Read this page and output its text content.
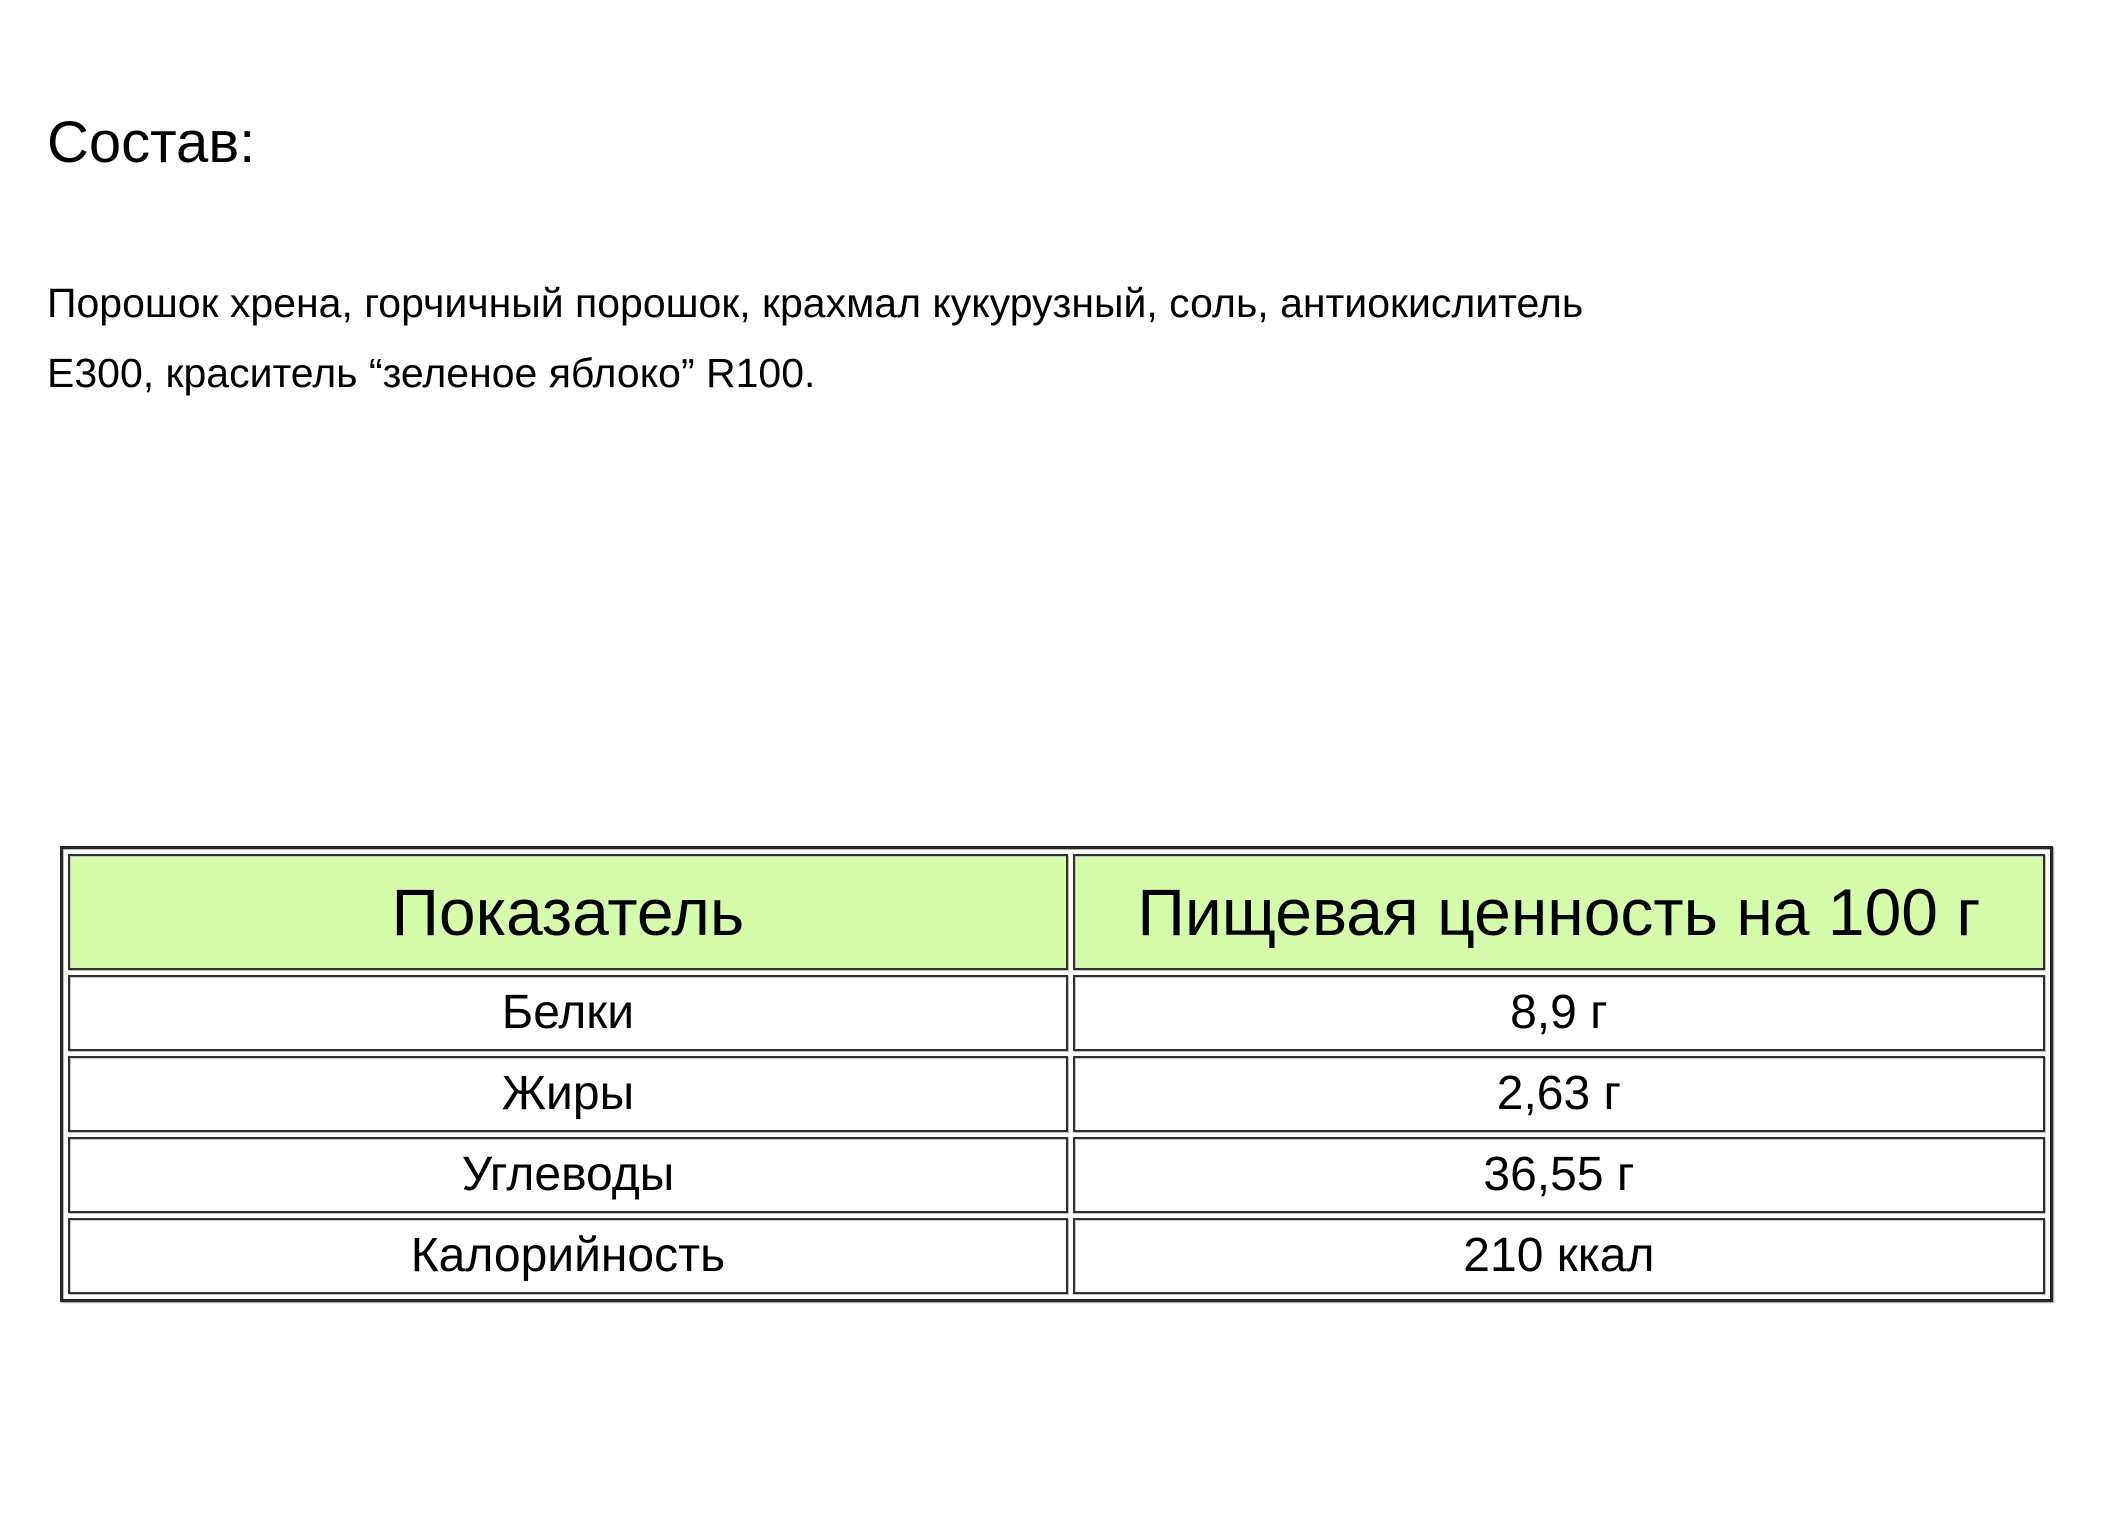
Состав:

Порошок хрена, горчичный порошок, крахмал кукурузный, соль, антиокислитель Е300, краситель “зеленое яблоко” R100.

Показатель	Пищевая ценность на 100 г
Белки	8,9 г
Жиры	2,63 г
Углеводы	36,55 г
Калорийность	210 ккал
